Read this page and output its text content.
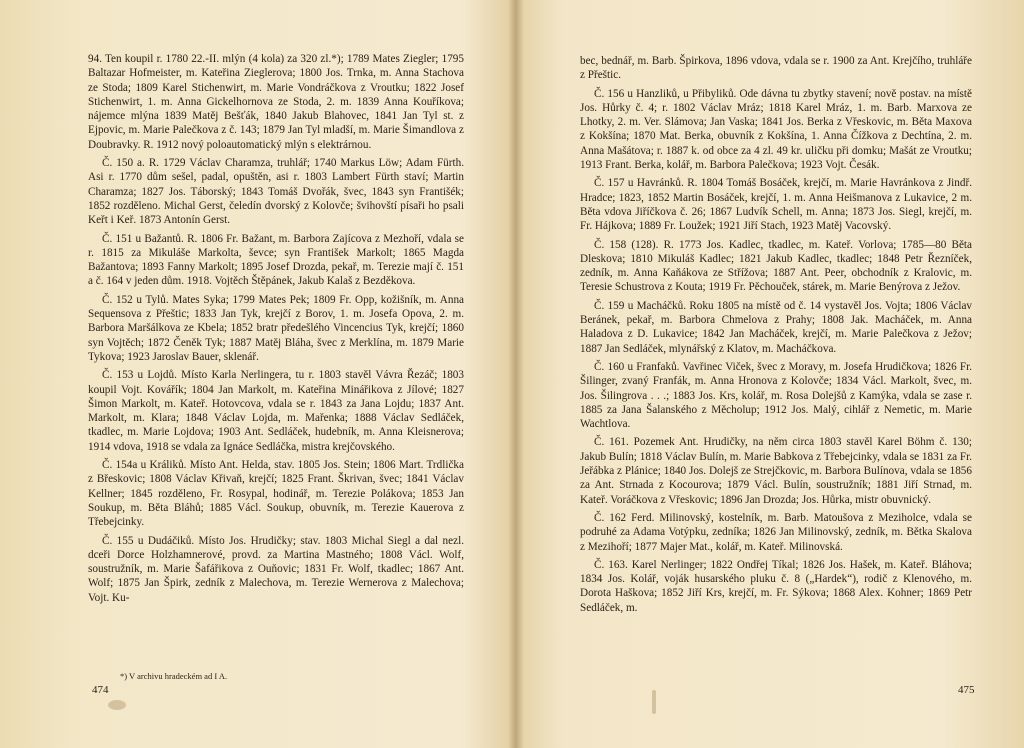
94. Ten koupil r. 1780 22.-II. mlýn (4 kola) za 320 zl.*); 1789 Mates Ziegler; 1795 Baltazar Hofmeister, m. Kateřina Zieglerova; 1800 Jos. Trnka, m. Anna Stachova ze Stoda; 1809 Karel Stichenwirt, m. Marie Vondráčkova z Vroutku; 1822 Josef Stichenwirt, 1. m. Anna Gickelhornova ze Stoda, 2. m. 1839 Anna Kouříkova; nájemce mlýna 1839 Matěj Bešťák, 1840 Jakub Blahovec, 1841 Jan Tyl st. z Ejpovic, m. Marie Palečkova z č. 143; 1879 Jan Tyl mladší, m. Marie Šimandlova z Doubravky. R. 1912 nový poloautomatický mlýn s elektrárnou.

Č. 150 a. R. 1729 Václav Charamza, truhlář; 1740 Markus Löw; Adam Fürth. Asi r. 1770 dům sešel, padal, opuštěn, asi r. 1803 Lambert Fürth staví; Martin Charamza; 1827 Jos. Táborský; 1843 Tomáš Dvořák, švec, 1843 syn Františék; 1852 rozděleno. Michal Gerst, čeledín dvorský z Kolovče; švihovští písaři ho psali Keřt i Keř. 1873 Antonín Gerst.

Č. 151 u Bažantů. R. 1806 Fr. Bažant, m. Barbora Zajícova z Mezhoří, vdala se r. 1815 za Mikuláše Markolta, ševce; syn František Markolt; 1865 Magda Bažantova; 1893 Fanny Markolt; 1895 Josef Drozda, pekař, m. Terezie mají č. 151 a č. 164 v jeden dům. 1918. Vojtěch Štěpánek, Jakub Kalaš z Bezděkova.

Č. 152 u Tylů. Mates Syka; 1799 Mates Pek; 1809 Fr. Opp, kožišník, m. Anna Sequensova z Přeštic; 1833 Jan Tyk, krejčí z Borov, 1. m. Josefa Opova, 2. m. Barbora Maršálkova ze Kbela; 1852 bratr předešlého Vincencius Tyk, krejčí; 1860 syn Vojtěch; 1872 Čeněk Tyk; 1887 Matěj Bláha, švec z Merklína, m. 1879 Marie Tykova; 1923 Jaroslav Bauer, sklenář.

Č. 153 u Lojdů. Místo Karla Nerlingera, tu r. 1803 stavěl Vávra Řezáč; 1803 koupil Vojt. Kovářík; 1804 Jan Markolt, m. Kateřina Minářikova z Jílové; 1827 Šimon Markolt, m. Kateř. Hotovcova, vdala se r. 1843 za Jana Lojdu; 1837 Ant. Markolt, m. Klara; 1848 Václav Lojda, m. Mařenka; 1888 Václav Sedláček, tkadlec, m. Marie Lojdova; 1903 Ant. Sedláček, hudebník, m. Anna Kleisnerova; 1914 vdova, 1918 se vdala za Ignáce Sedláčka, mistra krejčovského.

Č. 154a u Králiků. Místo Ant. Helda, stav. 1805 Jos. Stein; 1806 Mart. Trdlička z Břeskovic; 1808 Václav Křivaň, krejčí; 1825 Frant. Škrivan, švec; 1841 Václav Kellner; 1845 rozděleno, Fr. Rosypal, hodinář, m. Terezie Polákova; 1853 Jan Soukup, m. Běta Bláhů; 1885 Václ. Soukup, obuvník, m. Terezie Kauerova z Třebejcinky.

Č. 155 u Dudáčiků. Místo Jos. Hrudičky; stav. 1803 Michal Siegl a dal nezl. dceři Dorce Holzhamnerové, provd. za Martina Mastného; 1808 Václ. Wolf, soustružník, m. Marie Šafářikova z Ouňovic; 1831 Fr. Wolf, tkadlec; 1867 Ant. Wolf; 1875 Jan Špirk, zedník z Malechova, m. Terezie Wernerova z Malechova; Vojt. Ku-

*) V archivu hradeckém ad I A.
474

bec, bednář, m. Barb. Špirkova, 1896 vdova, vdala se r. 1900 za Ant. Krejčího, truhláře z Přeštic.

Č. 156 u Hanzliků, u Přibyliků. Ode dávna tu zbytky stavení; nově postav. na místě Jos. Hůrky č. 4; r. 1802 Václav Mráz; 1818 Karel Mráz, 1. m. Barb. Marxova ze Lhotky, 2. m. Ver. Slámova; Jan Vaska; 1841 Jos. Berka z Vřeskovic, m. Běta Maxova z Kokšína; 1870 Mat. Berka, obuvník z Kokšína, 1. Anna Čížkova z Dechtína, 2. m. Anna Mašátova; r. 1887 k. od obce za 4 zl. 49 kr. uličku při domku; Mašát ze Vroutku; 1913 Frant. Berka, kolář, m. Barbora Palečkova; 1923 Vojt. Česák.

Č. 157 u Havránků. R. 1804 Tomáš Bosáček, krejčí, m. Marie Havránkova z Jindř. Hradce; 1823, 1852 Martin Bosáček, krejčí, 1. m. Anna Heišmanova z Lukavice, 2 m. Běta vdova Jiříčkova č. 26; 1867 Ludvík Schell, m. Anna; 1873 Jos. Siegl, krejčí, m. Fr. Hájkova; 1889 Fr. Loužek; 1921 Jiří Stach, 1923 Matěj Vacovský.

Č. 158 (128). R. 1773 Jos. Kadlec, tkadlec, m. Kateř. Vorlova; 1785—80 Běta Dleskova; 1810 Mikuláš Kadlec; 1821 Jakub Kadlec, tkadlec; 1848 Petr Řezníček, zedník, m. Anna Kaňákova ze Střížova; 1887 Ant. Peer, obchodník z Kralovic, m. Teresie Schustrova z Kouta; 1919 Fr. Pěchouček, stárek, m. Marie Benýrova z Ježov.

Č. 159 u Macháčků. Roku 1805 na místě od č. 14 vystavěl Jos. Vojta; 1806 Václav Beránek, pekař, m. Barbora Chmelova z Prahy; 1808 Jak. Macháček, m. Anna Haladova z D. Lukavice; 1842 Jan Macháček, krejčí, m. Marie Palečkova z Ježov; 1887 Jan Sedláček, mlynářský z Klatov, m. Macháčkova.

Č. 160 u Franfaků. Vavřinec Viček, švec z Moravy, m. Josefa Hrudičkova; 1826 Fr. Šilinger, zvaný Franfák, m. Anna Hronova z Kolovče; 1834 Václ. Markolt, švec, m. Jos. Šilingrova . . .; 1883 Jos. Krs, kolář, m. Rosa Dolejšů z Kamýka, vdala se zase r. 1885 za Jana Šalanského z Měcholup; 1912 Jos. Malý, cihlář z Nemetic, m. Marie Wachtlova.

Č. 161. Pozemek Ant. Hrudičky, na něm circa 1803 stavěl Karel Böhm č. 130; Jakub Bulín; 1818 Václav Bulín, m. Marie Babkova z Třebejcinky, vdala se 1831 za Fr. Jeřábka z Plánice; 1840 Jos. Dolejš ze Strejčkovic, m. Barbora Bulínova, vdala se 1856 za Ant. Strnada z Kocourova; 1879 Václ. Bulín, soustružník; 1881 Jiří Strnad, m. Kateř. Voráčkova z Vřeskovic; 1896 Jan Drozda; Jos. Hůrka, mistr obuvnický.

Č. 162 Ferd. Milinovský, kostelník, m. Barb. Matoušova z Meziholce, vdala se podruhé za Adama Votýpku, zedníka; 1826 Jan Milinovský, zedník, m. Bětka Skalova z Mezihoří; 1877 Majer Mat., kolář, m. Kateř. Milinovská.

Č. 163. Karel Nerlinger; 1822 Ondřej Tíkal; 1826 Jos. Hašek, m. Kateř. Bláhova; 1834 Jos. Kolář, voják husarského pluku č. 8 („Hardek“), rodič z Klenového, m. Dorota Haškova; 1852 Jiří Krs, krejčí, m. Fr. Sýkova; 1868 Alex. Kohner; 1869 Petr Sedláček, m.

475
